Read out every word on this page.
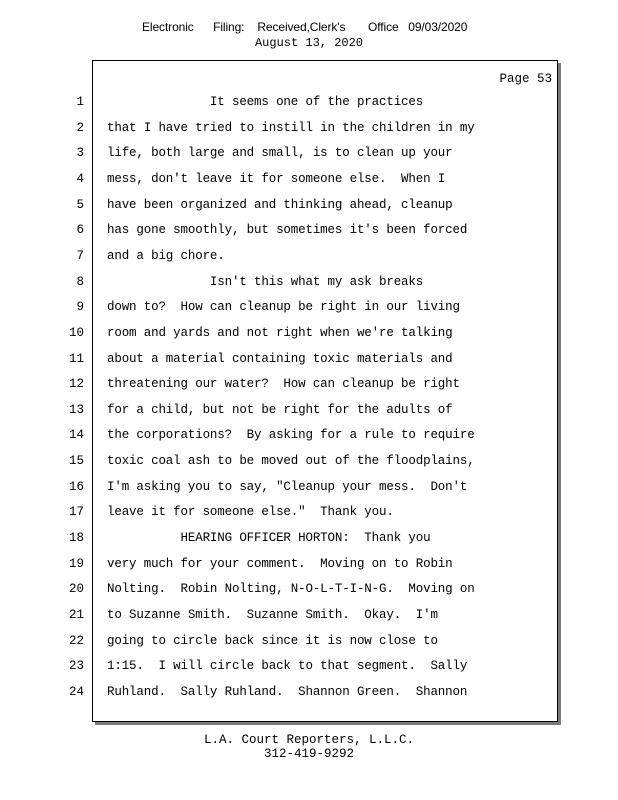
Electronic      Filing:    Received,Clerk's       Office   09/03/2020
August 13, 2020
Page 53
1 It seems one of the practices
2 that I have tried to instill in the children in my
3 life, both large and small, is to clean up your
4 mess, don't leave it for someone else.  When I
5 have been organized and thinking ahead, cleanup
6 has gone smoothly, but sometimes it's been forced
7 and a big chore.
8 Isn't this what my ask breaks
9 down to?  How can cleanup be right in our living
10 room and yards and not right when we're talking
11 about a material containing toxic materials and
12 threatening our water?  How can cleanup be right
13 for a child, but not be right for the adults of
14 the corporations?  By asking for a rule to require
15 toxic coal ash to be moved out of the floodplains,
16 I'm asking you to say, "Cleanup your mess.  Don't
17 leave it for someone else."  Thank you.
18 HEARING OFFICER HORTON:  Thank you
19 very much for your comment.  Moving on to Robin
20 Nolting.  Robin Nolting, N-O-L-T-I-N-G.  Moving on
21 to Suzanne Smith.  Suzanne Smith.  Okay.  I'm
22 going to circle back since it is now close to
23 1:15.  I will circle back to that segment.  Sally
24 Ruhland.  Sally Ruhland.  Shannon Green.  Shannon
L.A. Court Reporters, L.L.C.
312-419-9292
